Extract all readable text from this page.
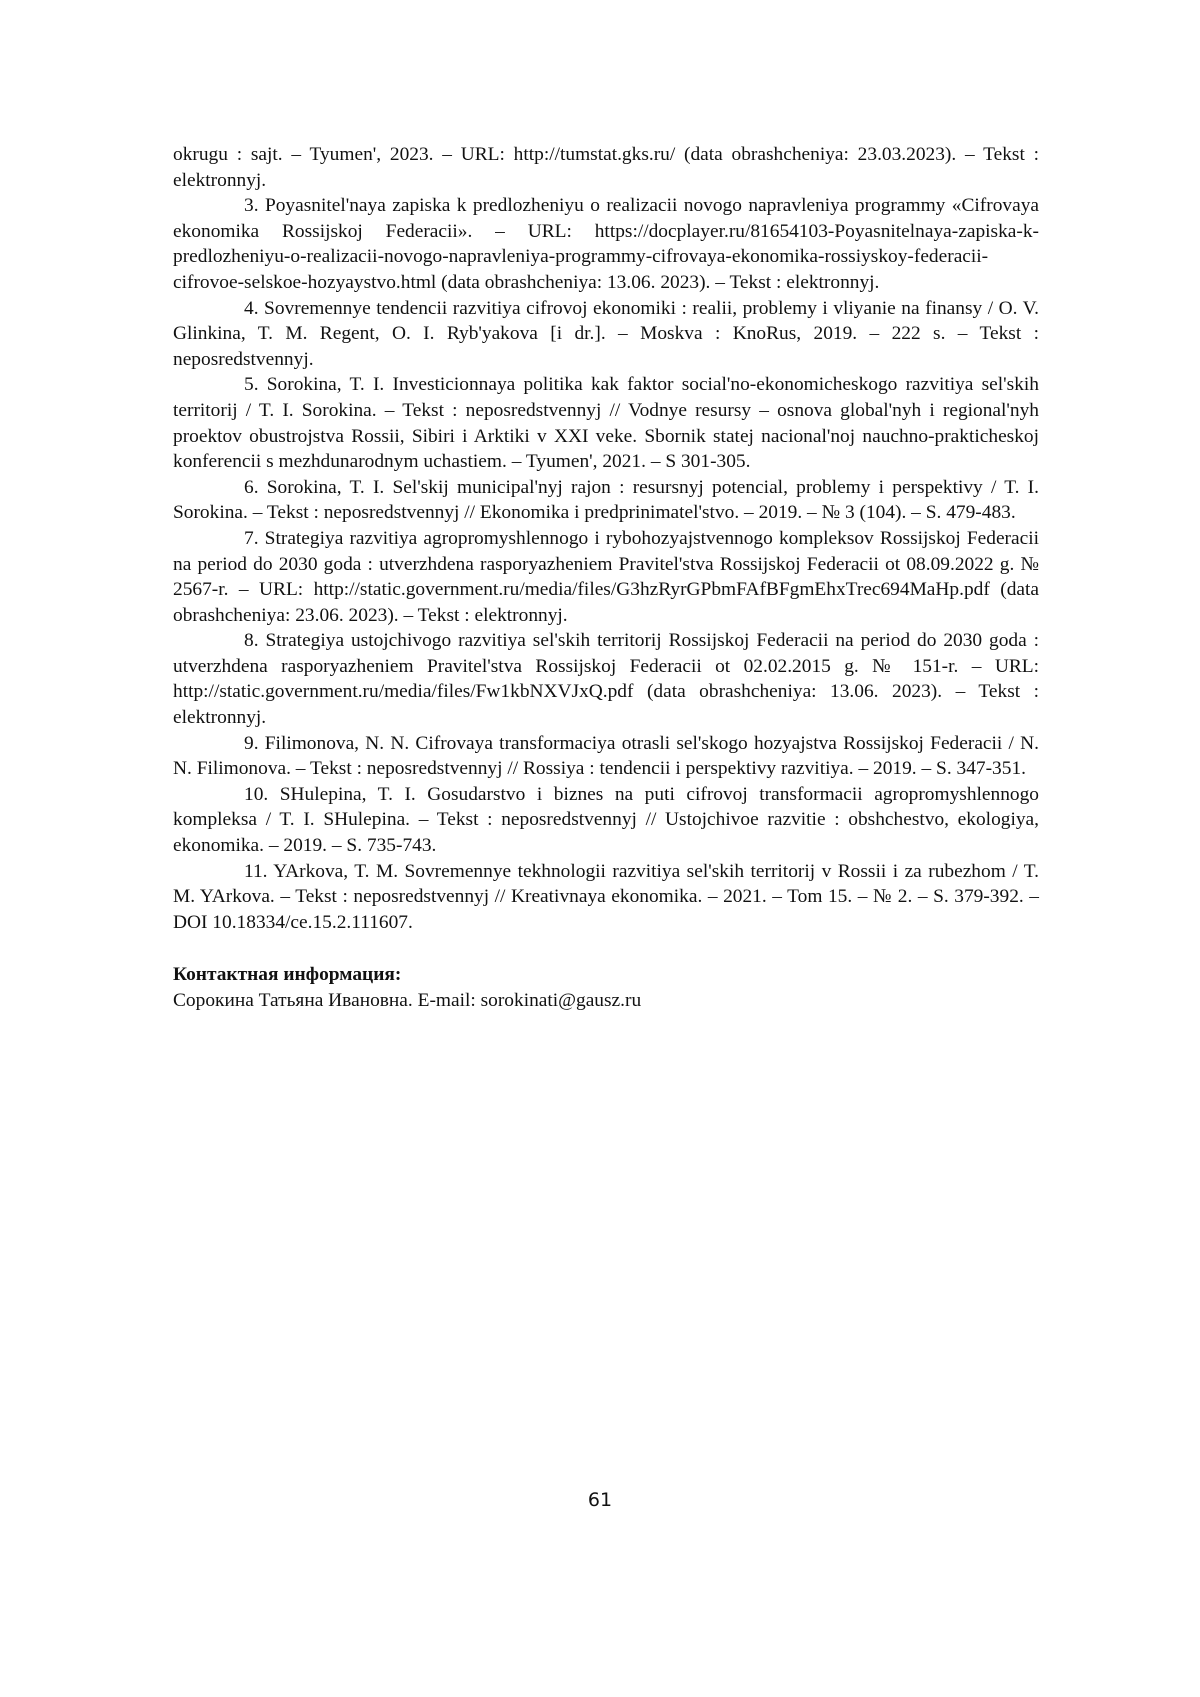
okrugu : sajt. – Tyumen', 2023. – URL: http://tumstat.gks.ru/ (data obrashcheniya: 23.03.2023). – Tekst : elektronnyj.

3. Poyasnitel'naya zapiska k predlozheniyu o realizacii novogo napravleniya programmy «Cifrovaya ekonomika Rossijskoj Federacii». – URL: https://docplayer.ru/81654103-Poyasnitelnaya-zapiska-k-predlozheniyu-o-realizacii-novogo-napravleniya-programmy-cifrovaya-ekonomika-rossiyskoy-federacii-cifrovoe-selskoe-hozyaystvo.html (data obrashcheniya: 13.06. 2023). – Tekst : elektronnyj.

4. Sovremennye tendencii razvitiya cifrovoj ekonomiki : realii, problemy i vliyanie na finansy / O. V. Glinkina, T. M. Regent, O. I. Ryb'yakova [i dr.]. – Moskva : KnoRus, 2019. – 222 s. – Tekst : neposredstvennyj.

5. Sorokina, T. I. Investicionnaya politika kak faktor social'no-ekonomicheskogo razvitiya sel'skih territorij / T. I. Sorokina. – Tekst : neposredstvennyj // Vodnye resursy – osnova global'nyh i regional'nyh proektov obustrojstva Rossii, Sibiri i Arktiki v XXI veke. Sbornik statej nacional'noj nauchno-prakticheskoj konferencii s mezhdunarodnym uchastiem. – Tyumen', 2021. – S 301-305.

6. Sorokina, T. I. Sel'skij municipal'nyj rajon : resursnyj potencial, problemy i perspektivy / T. I. Sorokina. – Tekst : neposredstvennyj // Ekonomika i predprinimatel'stvo. – 2019. – № 3 (104). – S. 479-483.

7. Strategiya razvitiya agropromyshlennogo i rybohozyajstvennogo kompleksov Rossijskoj Federacii na period do 2030 goda : utverzhdena rasporyazheniem Pravitel'stva Rossijskoj Federacii ot 08.09.2022 g. № 2567-r. – URL: http://static.government.ru/media/files/G3hzRyrGPbmFAfBFgmEhxTrec694MaHp.pdf (data obrashcheniya: 23.06. 2023). – Tekst : elektronnyj.

8. Strategiya ustojchivogo razvitiya sel'skih territorij Rossijskoj Federacii na period do 2030 goda : utverzhdena rasporyazheniem Pravitel'stva Rossijskoj Federacii ot 02.02.2015 g. № 151-r. – URL: http://static.government.ru/media/files/Fw1kbNXVJxQ.pdf (data obrashcheniya: 13.06. 2023). – Tekst : elektronnyj.

9. Filimonova, N. N. Cifrovaya transformaciya otrasli sel'skogo hozyajstva Rossijskoj Federacii / N. N. Filimonova. – Tekst : neposredstvennyj // Rossiya : tendencii i perspektivy razvitiya. – 2019. – S. 347-351.

10. SHulepina, T. I. Gosudarstvo i biznes na puti cifrovoj transformacii agropromyshlennogo kompleksa / T. I. SHulepina. – Tekst : neposredstvennyj // Ustojchivoe razvitie : obshchestvo, ekologiya, ekonomika. – 2019. – S. 735-743.

11. YArkova, T. M. Sovremennye tekhnologii razvitiya sel'skih territorij v Rossii i za rubezhom / T. M. YArkova. – Tekst : neposredstvennyj // Kreativnaya ekonomika. – 2021. – Tom 15. – № 2. – S. 379-392. – DOI 10.18334/ce.15.2.111607.

Контактная информация:

Сорокина Татьяна Ивановна. E-mail: sorokinati@gausz.ru

61
